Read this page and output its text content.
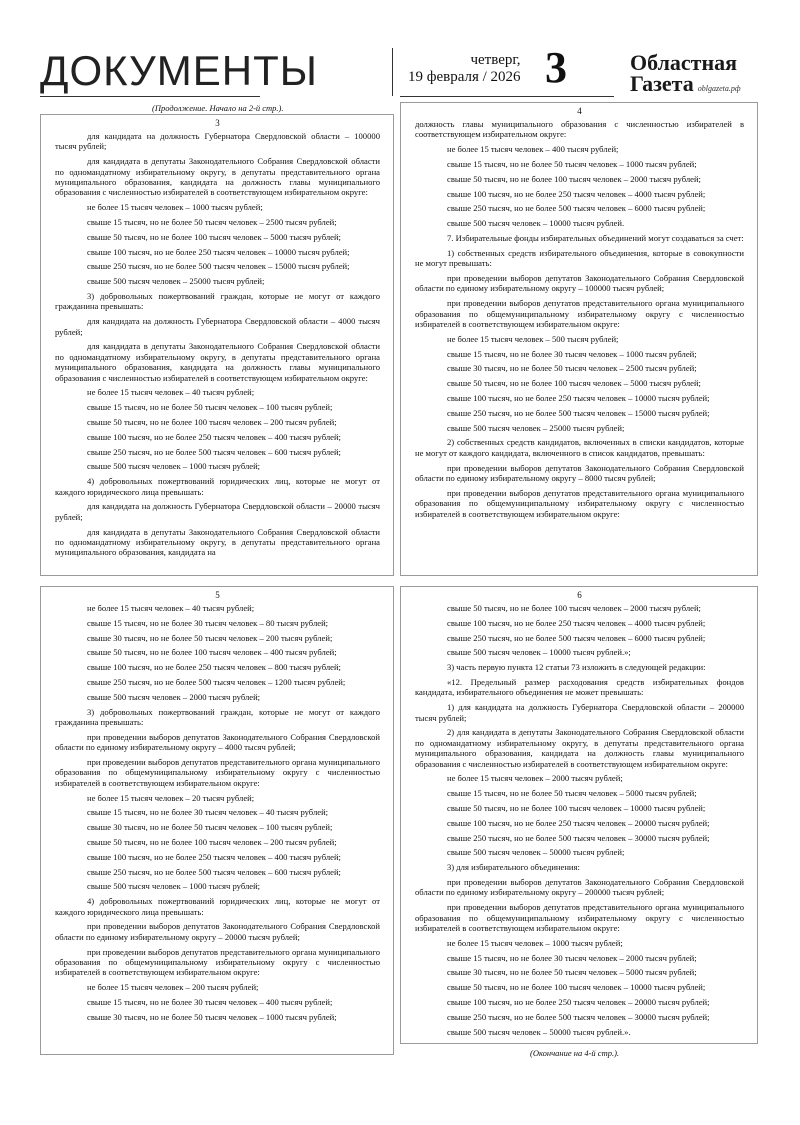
ДОКУМЕНТЫ	четверг,
19 февраля / 2026 3	Областная
Газета oblgazeta.рф
(Продолжение. Начало на 2-й стр.).
3

для кандидата на должность Губернатора Свердловской области – 100000 тысяч рублей;

для кандидата в депутаты Законодательного Собрания Свердловской области по одномандатному избирательному округу, в депутаты представительного органа муниципального образования, кандидата на должность главы муниципального образования с численностью избирателей в соответствующем избирательном округе:

не более 15 тысяч человек – 1000 тысяч рублей;

свыше 15 тысяч, но не более 50 тысяч человек – 2500 тысяч рублей;

свыше 50 тысяч, но не более 100 тысяч человек – 5000 тысяч рублей;

свыше 100 тысяч, но не более 250 тысяч человек – 10000 тысяч рублей;

свыше 250 тысяч, но не более 500 тысяч человек – 15000 тысяч рублей;

свыше 500 тысяч человек – 25000 тысяч рублей;

3) добровольных пожертвований граждан, которые не могут от каждого гражданина превышать:

для кандидата на должность Губернатора Свердловской области – 4000 тысяч рублей;

для кандидата в депутаты Законодательного Собрания Свердловской области по одномандатному избирательному округу, в депутаты представительного органа муниципального образования, кандидата на должность главы муниципального образования с численностью избирателей в соответствующем избирательном округе:

не более 15 тысяч человек – 40 тысяч рублей;

свыше 15 тысяч, но не более 50 тысяч человек – 100 тысяч рублей;

свыше 50 тысяч, но не более 100 тысяч человек – 200 тысяч рублей;

свыше 100 тысяч, но не более 250 тысяч человек – 400 тысяч рублей;

свыше 250 тысяч, но не более 500 тысяч человек – 600 тысяч рублей;

свыше 500 тысяч человек – 1000 тысяч рублей;

4) добровольных пожертвований юридических лиц, которые не могут от каждого юридического лица превышать:

для кандидата на должность Губернатора Свердловской области – 20000 тысяч рублей;

для кандидата в депутаты Законодательного Собрания Свердловской области по одномандатному избирательному округу, в депутаты представительного органа муниципального образования, кандидата на

4

должность главы муниципального образования с численностью избирателей в соответствующем избирательном округе:

не более 15 тысяч человек – 400 тысяч рублей;

свыше 15 тысяч, но не более 50 тысяч человек – 1000 тысяч рублей;

свыше 50 тысяч, но не более 100 тысяч человек – 2000 тысяч рублей;

свыше 100 тысяч, но не более 250 тысяч человек – 4000 тысяч рублей;

свыше 250 тысяч, но не более 500 тысяч человек – 6000 тысяч рублей;

свыше 500 тысяч человек – 10000 тысяч рублей.

7. Избирательные фонды избирательных объединений могут создаваться за счет:

1) собственных средств избирательного объединения, которые в совокупности не могут превышать:

при проведении выборов депутатов Законодательного Собрания Свердловской области по единому избирательному округу – 100000 тысяч рублей;

при проведении выборов депутатов представительного органа муниципального образования по общемуниципальному избирательному округу с численностью избирателей в соответствующем избирательном округе:

не более 15 тысяч человек – 500 тысяч рублей;

свыше 15 тысяч, но не более 30 тысяч человек – 1000 тысяч рублей;

свыше 30 тысяч, но не более 50 тысяч человек – 2500 тысяч рублей;

свыше 50 тысяч, но не более 100 тысяч человек – 5000 тысяч рублей;

свыше 100 тысяч, но не более 250 тысяч человек – 10000 тысяч рублей;

свыше 250 тысяч, но не более 500 тысяч человек – 15000 тысяч рублей;

свыше 500 тысяч человек – 25000 тысяч рублей;

2) собственных средств кандидатов, включенных в списки кандидатов, которые не могут от каждого кандидата, включенного в список кандидатов, превышать:

при проведении выборов депутатов Законодательного Собрания Свердловской области по единому избирательному округу – 8000 тысяч рублей;

при проведении выборов депутатов представительного органа муниципального образования по общемуниципальному избирательному округу с численностью избирателей в соответствующем избирательном округе:

5

не более 15 тысяч человек – 40 тысяч рублей;

свыше 15 тысяч, но не более 30 тысяч человек – 80 тысяч рублей;

свыше 30 тысяч, но не более 50 тысяч человек – 200 тысяч рублей;

свыше 50 тысяч, но не более 100 тысяч человек – 400 тысяч рублей;

свыше 100 тысяч, но не более 250 тысяч человек – 800 тысяч рублей;

свыше 250 тысяч, но не более 500 тысяч человек – 1200 тысяч рублей;

свыше 500 тысяч человек – 2000 тысяч рублей;

3) добровольных пожертвований граждан, которые не могут от каждого гражданина превышать:

при проведении выборов депутатов Законодательного Собрания Свердловской области по единому избирательному округу – 4000 тысяч рублей;

при проведении выборов депутатов представительного органа муниципального образования по общемуниципальному избирательному округу с численностью избирателей в соответствующем избирательном округе:

не более 15 тысяч человек – 20 тысяч рублей;

свыше 15 тысяч, но не более 30 тысяч человек – 40 тысяч рублей;

свыше 30 тысяч, но не более 50 тысяч человек – 100 тысяч рублей;

свыше 50 тысяч, но не более 100 тысяч человек – 200 тысяч рублей;

свыше 100 тысяч, но не более 250 тысяч человек – 400 тысяч рублей;

свыше 250 тысяч, но не более 500 тысяч человек – 600 тысяч рублей;

свыше 500 тысяч человек – 1000 тысяч рублей;

4) добровольных пожертвований юридических лиц, которые не могут от каждого юридического лица превышать:

при проведении выборов депутатов Законодательного Собрания Свердловской области по единому избирательному округу – 20000 тысяч рублей;

при проведении выборов депутатов представительного органа муниципального образования по общемуниципальному избирательному округу с численностью избирателей в соответствующем избирательном округе:

не более 15 тысяч человек – 200 тысяч рублей;

свыше 15 тысяч, но не более 30 тысяч человек – 400 тысяч рублей;

свыше 30 тысяч, но не более 50 тысяч человек – 1000 тысяч рублей;

6

свыше 50 тысяч, но не более 100 тысяч человек – 2000 тысяч рублей;

свыше 100 тысяч, но не более 250 тысяч человек – 4000 тысяч рублей;

свыше 250 тысяч, но не более 500 тысяч человек – 6000 тысяч рублей;

свыше 500 тысяч человек – 10000 тысяч рублей.»;

3) часть первую пункта 12 статьи 73 изложить в следующей редакции:

«12. Предельный размер расходования средств избирательных фондов кандидата, избирательного объединения не может превышать:

1) для кандидата на должность Губернатора Свердловской области – 200000 тысяч рублей;

2) для кандидата в депутаты Законодательного Собрания Свердловской области по одномандатному избирательному округу, в депутаты представительного органа муниципального образования, кандидата на должность главы муниципального образования с численностью избирателей в соответствующем избирательном округе:

не более 15 тысяч человек – 2000 тысяч рублей;

свыше 15 тысяч, но не более 50 тысяч человек – 5000 тысяч рублей;

свыше 50 тысяч, но не более 100 тысяч человек – 10000 тысяч рублей;

свыше 100 тысяч, но не более 250 тысяч человек – 20000 тысяч рублей;

свыше 250 тысяч, но не более 500 тысяч человек – 30000 тысяч рублей;

свыше 500 тысяч человек – 50000 тысяч рублей;

3) для избирательного объединения:

при проведении выборов депутатов Законодательного Собрания Свердловской области по единому избирательному округу – 200000 тысяч рублей;

при проведении выборов депутатов представительного органа муниципального образования по общемуниципальному избирательному округу с численностью избирателей в соответствующем избирательном округе:

не более 15 тысяч человек – 1000 тысяч рублей;

свыше 15 тысяч, но не более 30 тысяч человек – 2000 тысяч рублей;

свыше 30 тысяч, но не более 50 тысяч человек – 5000 тысяч рублей;

свыше 50 тысяч, но не более 100 тысяч человек – 10000 тысяч рублей;

свыше 100 тысяч, но не более 250 тысяч человек – 20000 тысяч рублей;

свыше 250 тысяч, но не более 500 тысяч человек – 30000 тысяч рублей;

свыше 500 тысяч человек – 50000 тысяч рублей.».

(Окончание на 4-й стр.).
